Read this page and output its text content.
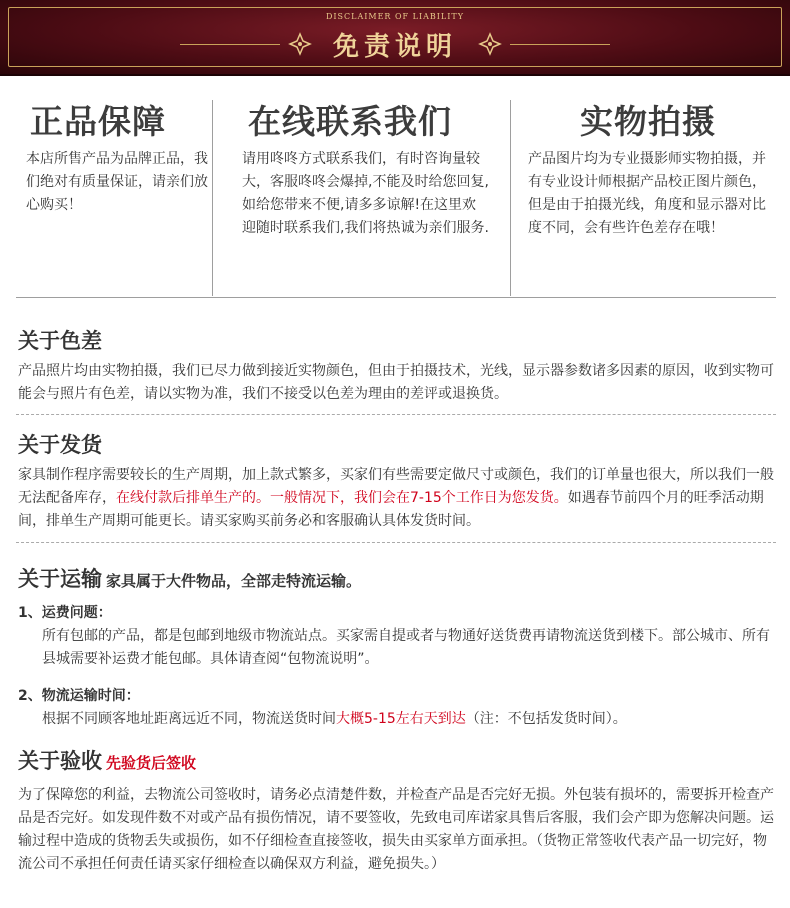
DISCLAIMER OF LIABILITY
免责说明
正品保障

本店所售产品为品牌正品，我们绝对有质量保证，请亲们放心购买！

在线联系我们

请用咚咚方式联系我们，有时咨询量较大，客服咚咚会爆掉,不能及时给您回复,如给您带来不便,请多多谅解!在这里欢迎随时联系我们,我们将热诚为亲们服务.

实物拍摄

产品图片均为专业摄影师实物拍摄，并有专业设计师根据产品校正图片颜色，但是由于拍摄光线，角度和显示器对比度不同，会有些许色差存在哦！

关于色差

产品照片均由实物拍摄，我们已尽力做到接近实物颜色，但由于拍摄技术，光线，显示器参数诸多因素的原因，收到实物可能会与照片有色差，请以实物为准，我们不接受以色差为理由的差评或退换货。

关于发货

家具制作程序需要较长的生产周期，加上款式繁多，买家们有些需要定做尺寸或颜色，我们的订单量也很大，所以我们一般无法配备库存，在线付款后排单生产的。一般情况下，我们会在7-15个工作日为您发货。如遇春节前四个月的旺季活动期间，排单生产周期可能更长。请买家购买前务必和客服确认具体发货时间。

关于运输 家具属于大件物品，全部走特流运输。
1、运费问题：
所有包邮的产品，都是包邮到地级市物流站点。买家需自提或者与物通好送货费再请物流送货到楼下。部公城市、所有县城需要补运费才能包邮。具体请查阅“包物流说明”。
2、物流运输时间：
根据不同顾客地址距离远近不同，物流送货时间大概5-15左右天到达（注：不包括发货时间）。
关于验收 先验货后签收

为了保障您的利益，去物流公司签收时，请务必点清楚件数，并检查产品是否完好无损。外包装有损坏的，需要拆开检查产品是否完好。如发现件数不对或产品有损伤情况，请不要签收，先致电司库诺家具售后客服，我们会产即为您解决问题。运输过程中造成的货物丢失或损伤，如不仔细检查直接签收，损失由买家单方面承担。（货物正常签收代表产品一切完好，物流公司不承担任何责任请买家仔细检查以确保双方利益，避免损失。）
